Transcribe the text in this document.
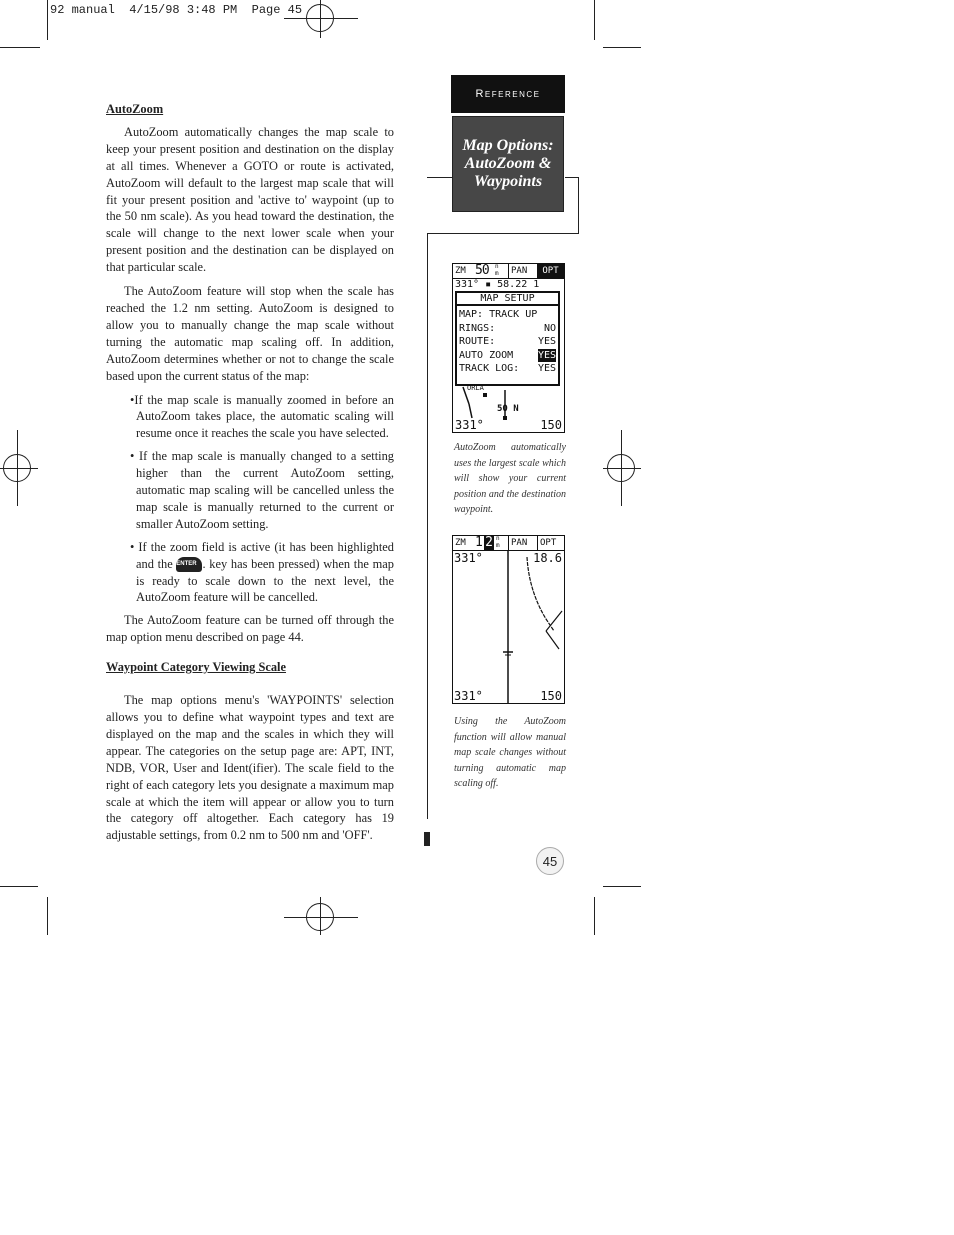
92 manual  4/15/98 3:48 PM  Page 45
Reference
Map Options:
AutoZoom &
Waypoints
AutoZoom

AutoZoom automatically changes the map scale to keep your present position and destination on the display at all times. Whenever a GOTO or route is activated, AutoZoom will default to the largest map scale that will fit your present position and 'active to' waypoint (up to the 50 nm scale). As you head toward the destination, the scale will change to the next lower scale when your present position and the destination can be displayed on that particular scale.

The AutoZoom feature will stop when the scale has reached the 1.2 nm setting. AutoZoom is designed to allow you to manually change the map scale without turning the automatic map scaling off. In addition, AutoZoom determines whether or not to change the scale based upon the current status of the map:

•If the map scale is manually zoomed in before an AutoZoom takes place, the automatic scaling will resume once it reaches the scale you have selected.
• If the map scale is manually changed to a setting higher than the current AutoZoom setting, automatic map scaling will be cancelled unless the map scale is manually returned to the current or smaller AutoZoom setting.
• If the zoom field is active (it has been highlighted and the ENTER . key has been pressed) when the map is ready to scale down to the next level, the AutoZoom feature will be cancelled.

The AutoZoom feature can be turned off through the map option menu described on page 44.

Waypoint Category Viewing Scale

The map options menu's 'WAYPOINTS' selection allows you to define what waypoint types and text are displayed on the map and the scales in which they will appear. The categories on the setup page are: APT, INT, NDB, VOR, User and Ident(ifier). The scale field to the right of each category lets you designate a maximum map scale at which the item will appear or allow you to turn the category off altogether. Each category has 19 adjustable settings, from 0.2 nm to 500 nm and 'OFF'.

ZM 50 nm PAN	OPT
331° ▪ 58.22 1
MAP SETUP
MAP: TRACK UP
RINGS:	NO
ROUTE:	YES
AUTO ZOOM YES
TRACK LOG: YES
ORLA
50 N
331°	150
AutoZoom automatically uses the largest scale which will show your current position and the destination waypoint.
ZM 1 2 nm PAN OPT
331°	18.6
331°	150
Using the AutoZoom function will allow manual map scale changes without turning automatic map scaling off.
45
